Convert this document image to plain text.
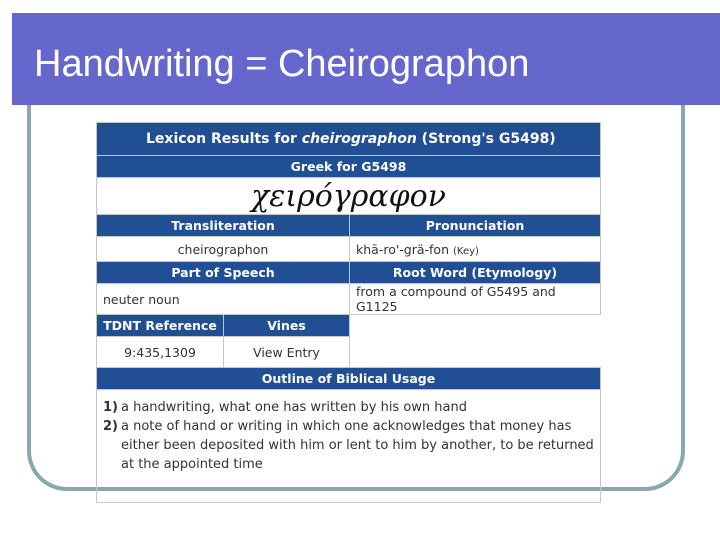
Handwriting = Cheirographon
Lexicon Results for cheirographon (Strong's G5498)		
Greek for G5498		
χειρόγραφον		
Transliteration		Pronunciation
cheirographon		khā-ro'-grä-fon (Key)
Part of Speech		Root Word (Etymology)
neuter noun		from a compound of G5495 and G1125
TDNT Reference	Vines	
9:435,1309	View Entry	
Outline of Biblical Usage		

1) a handwriting, what one has written by his own hand
2) a note of hand or writing in which one acknowledges that money has either been deposited with him or lent to him by another, to be returned at the appointed time		
